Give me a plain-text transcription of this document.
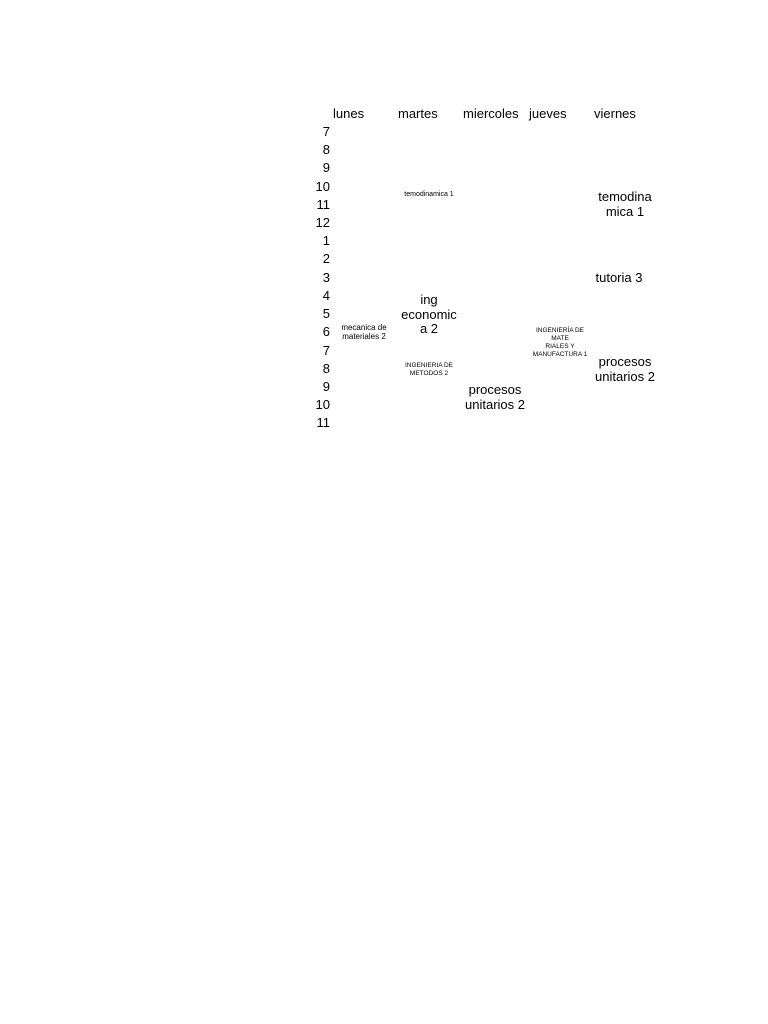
lunes	martes miercoles jueves viernes
7
8
9
10
11
12
1
2
3
4
5
6
7
8
9
10
11
temodinamica 1	temodina
mica 1
tutoria 3
ing
economic
a 2
mecanica de
materiales 2
INGENIERÍA DE
MATE
RIALES Y
MANUFACTURA 1
INGENIERIA DE
METODOS 2
procesos
unitarios 2
procesos
unitarios 2
